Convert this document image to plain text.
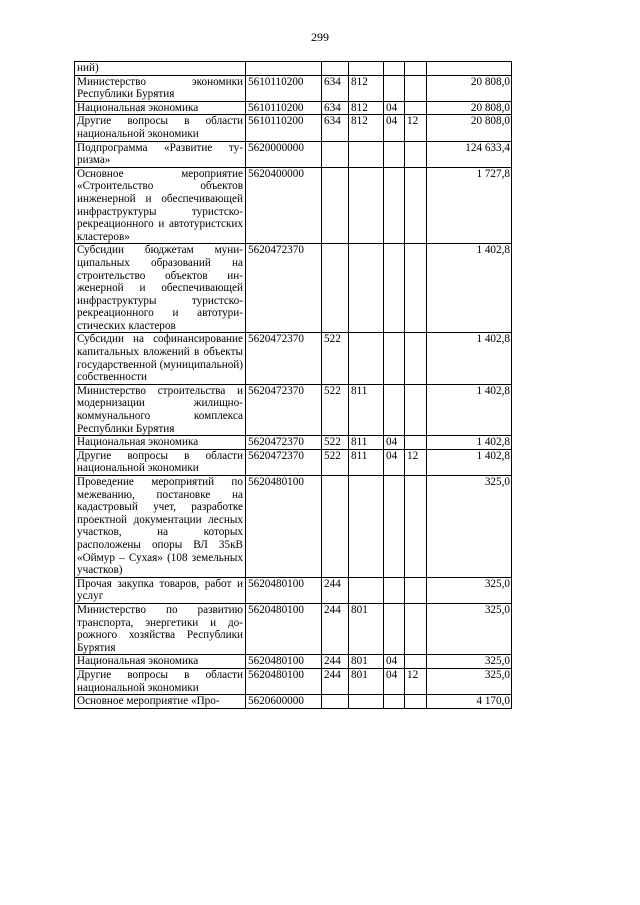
299
ний)						
Министерство экономики Республики Бурятия	5610110200	634	812			20 808,0
Национальная экономика	5610110200	634	812	04		20 808,0
Другие вопросы в области национальной экономики	5610110200	634	812	04	12	20 808,0
Подпрограмма «Развитие туризма»	5620000000					124 633,4
Основное мероприятие «Строительство объектов инженерной и обеспечивающей инфраструктуры туристско-рекреационного и автотуристских кластеров»	5620400000					1 727,8
Субсидии бюджетам муниципальных образований на строительство объектов инженерной и обеспечивающей инфраструктуры туристско-рекреационного и автотуристических кластеров	5620472370					1 402,8
Субсидии на софинансирование капитальных вложений в объекты государственной (муниципальной) собственности	5620472370	522				1 402,8
Министерство строительства и модернизации жилищно-коммунального комплекса Республики Бурятия	5620472370	522	811			1 402,8
Национальная экономика	5620472370	522	811	04		1 402,8
Другие вопросы в области национальной экономики	5620472370	522	811	04	12	1 402,8
Проведение мероприятий по межеванию, постановке на кадастровый учет, разработке проектной документации лесных участков, на которых расположены опоры ВЛ 35кВ «Оймур – Сухая» (108 земельных участков)	5620480100					325,0
Прочая закупка товаров, работ и услуг	5620480100	244				325,0
Министерство по развитию транспорта, энергетики и дорожного хозяйства Республики Бурятия	5620480100	244	801			325,0
Национальная экономика	5620480100	244	801	04		325,0
Другие вопросы в области национальной экономики	5620480100	244	801	04	12	325,0
Основное мероприятие «Про-	5620600000					4 170,0
